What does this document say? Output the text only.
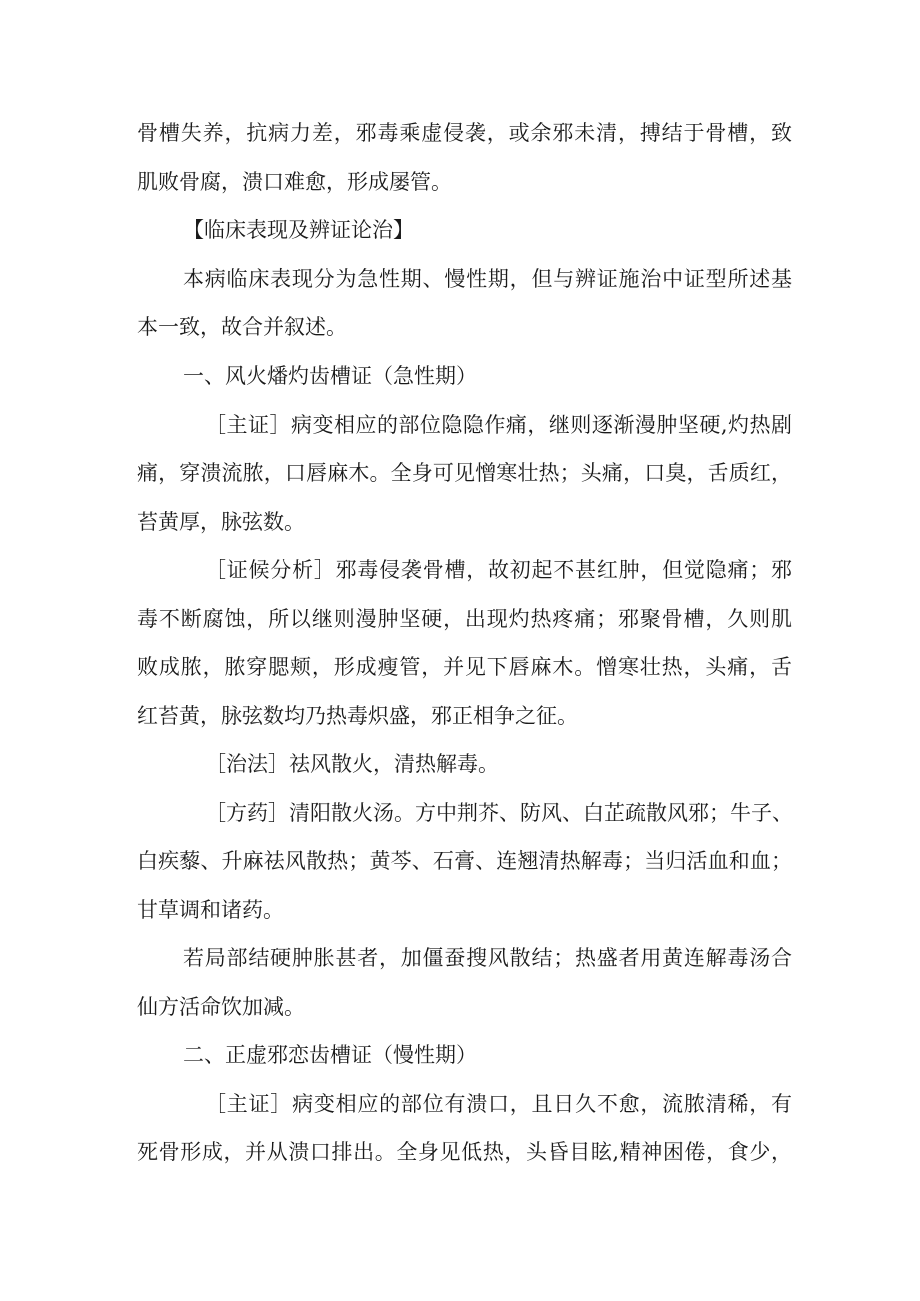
骨槽失养，抗病力差，邪毒乘虚侵袭，或余邪未清，搏结于骨槽，致
肌败骨腐，溃口难愈，形成屡管。
【临床表现及辨证论治】
本病临床表现分为急性期、慢性期，但与辨证施治中证型所述基
本一致，故合并叙述。
一、风火燔灼齿槽证（急性期）
［主证］病变相应的部位隐隐作痛，继则逐渐漫肿坚硬,灼热剧
痛，穿溃流脓，口唇麻木。全身可见憎寒壮热；头痛，口臭，舌质红，
苔黄厚，脉弦数。
［证候分析］邪毒侵袭骨槽，故初起不甚红肿，但觉隐痛；邪
毒不断腐蚀，所以继则漫肿坚硬，出现灼热疼痛；邪聚骨槽，久则肌
败成脓，脓穿腮颊，形成瘦管，并见下唇麻木。憎寒壮热，头痛，舌
红苔黄，脉弦数均乃热毒炽盛，邪正相争之征。
［治法］祛风散火，清热解毒。
［方药］清阳散火汤。方中荆芥、防风、白芷疏散风邪；牛子、
白疾藜、升麻祛风散热；黄芩、石膏、连翘清热解毒；当归活血和血；
甘草调和诸药。
若局部结硬肿胀甚者，加僵蚕搜风散结；热盛者用黄连解毒汤合
仙方活命饮加减。
二、正虚邪恋齿槽证（慢性期）
［主证］病变相应的部位有溃口，且日久不愈，流脓清稀，有
死骨形成，并从溃口排出。全身见低热，头昏目眩,精神困倦，食少，
